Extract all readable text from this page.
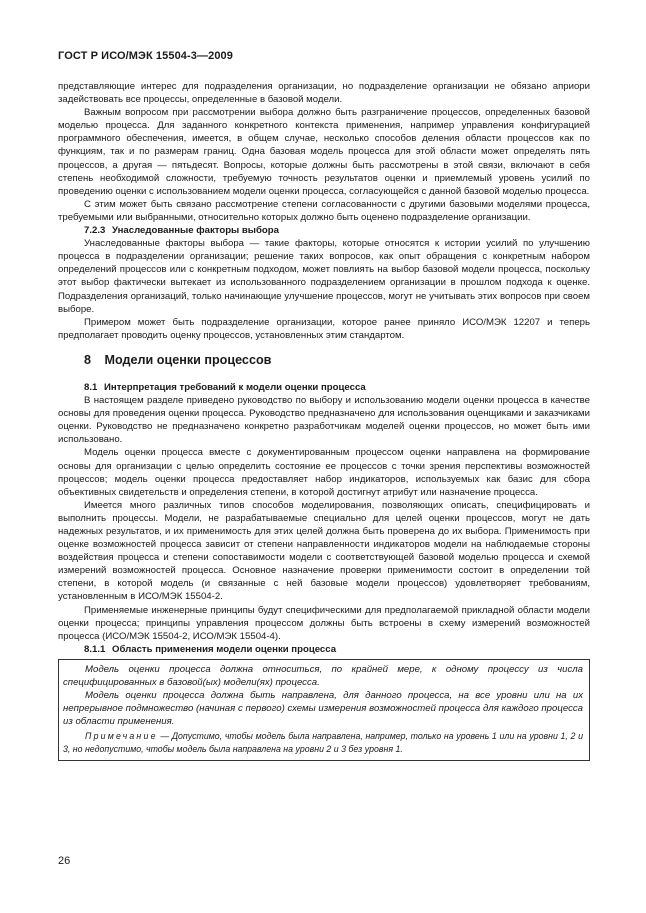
ГОСТ Р ИСО/МЭК 15504-3—2009

представляющие интерес для подразделения организации, но подразделение организации не обязано априори задействовать все процессы, определенные в базовой модели.

Важным вопросом при рассмотрении выбора должно быть разграничение процессов, определенных базовой моделью процесса. Для заданного конкретного контекста применения, например управления конфигурацией программного обеспечения, имеется, в общем случае, несколько способов деления области процессов как по функциям, так и по размерам границ. Одна базовая модель процесса для этой области может определять пять процессов, а другая — пятьдесят. Вопросы, которые должны быть рассмотрены в этой связи, включают в себя степень необходимой сложности, требуемую точность результатов оценки и приемлемый уровень усилий по проведению оценки с использованием модели оценки процесса, согласующейся с данной базовой моделью процесса.

С этим может быть связано рассмотрение степени согласованности с другими базовыми моделями процесса, требуемыми или выбранными, относительно которых должно быть оценено подразделение организации.

7.2.3 Унаследованные факторы выбора

Унаследованные факторы выбора — такие факторы, которые относятся к истории усилий по улучшению процесса в подразделении организации; решение таких вопросов, как опыт обращения с конкретным набором определений процессов или с конкретным подходом, может повлиять на выбор базовой модели процесса, поскольку этот выбор фактически вытекает из использованного подразделением организации в прошлом подхода к оценке. Подразделения организаций, только начинающие улучшение процессов, могут не учитывать этих вопросов при своем выборе.

Примером может быть подразделение организации, которое ранее приняло ИСО/МЭК 12207 и теперь предполагает проводить оценку процессов, установленных этим стандартом.

8 Модели оценки процессов
8.1 Интерпретация требований к модели оценки процесса

В настоящем разделе приведено руководство по выбору и использованию модели оценки процесса в качестве основы для проведения оценки процесса. Руководство предназначено для использования оценщиками и заказчиками оценки. Руководство не предназначено конкретно разработчикам моделей оценки процессов, но может быть ими использовано.

Модель оценки процесса вместе с документированным процессом оценки направлена на формирование основы для организации с целью определить состояние ее процессов с точки зрения перспективы возможностей процессов; модель оценки процесса предоставляет набор индикаторов, используемых как базис для сбора объективных свидетельств и определения степени, в которой достигнут атрибут или назначение процесса.

Имеется много различных типов способов моделирования, позволяющих описать, специфицировать и выполнить процессы. Модели, не разрабатываемые специально для целей оценки процессов, могут не дать надежных результатов, и их применимость для этих целей должна быть проверена до их выбора. Применимость при оценке возможностей процесса зависит от степени направленности индикаторов модели на наблюдаемые стороны воздействия процесса и степени сопоставимости модели с соответствующей базовой моделью процесса и схемой измерений возможностей процесса. Основное назначение проверки применимости состоит в определении той степени, в которой модель (и связанные с ней базовые модели процессов) удовлетворяет требованиям, установленным в ИСО/МЭК 15504-2.

Применяемые инженерные принципы будут специфическими для предполагаемой прикладной области модели оценки процесса; принципы управления процессом должны быть встроены в схему измерений возможностей процесса (ИСО/МЭК 15504-2, ИСО/МЭК 15504-4).

8.1.1 Область применения модели оценки процесса

Модель оценки процесса должна относиться, по крайней мере, к одному процессу из числа специфицированных в базовой(ых) модели(ях) процесса.

Модель оценки процесса должна быть направлена, для данного процесса, на все уровни или на их непрерывное подмножество (начиная с первого) схемы измерения возможностей процесса для каждого процесса из области применения.

Примечание — Допустимо, чтобы модель была направлена, например, только на уровень 1 или на уровни 1, 2 и 3, но недопустимо, чтобы модель была направлена на уровни 2 и 3 без уровня 1.

26
